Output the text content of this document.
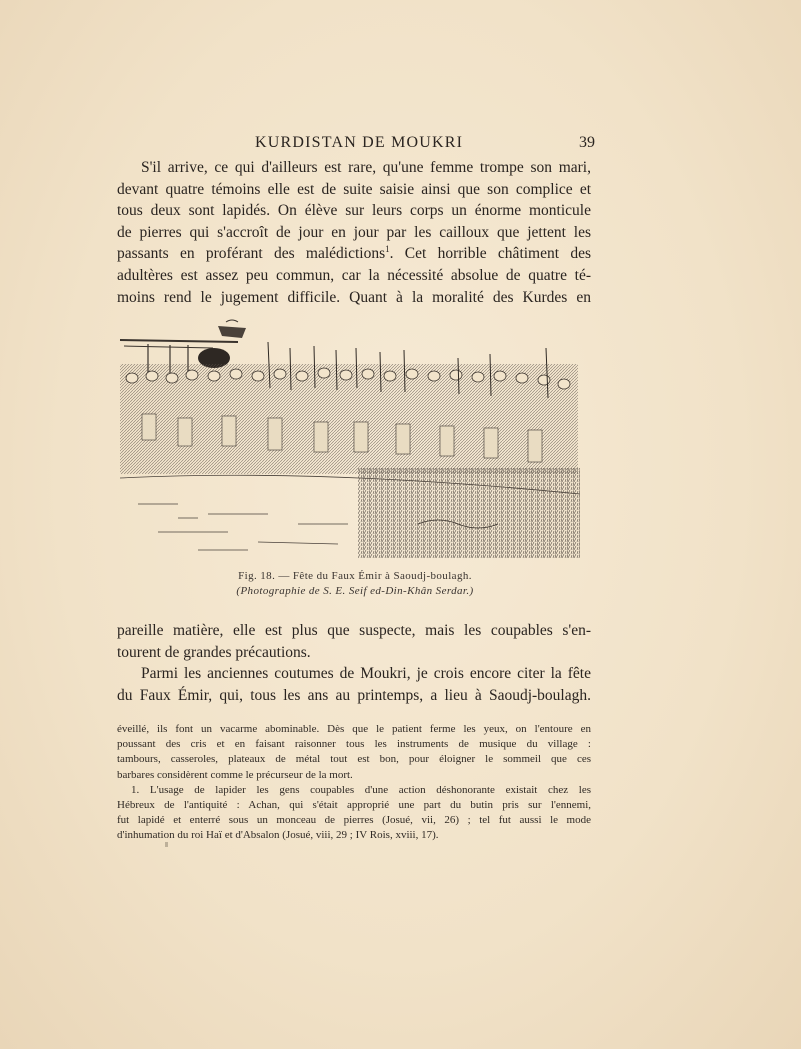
KURDISTAN DE MOUKRI	39
S'il arrive, ce qui d'ailleurs est rare, qu'une femme trompe son mari,
devant quatre témoins elle est de suite saisie ainsi que son complice et
tous deux sont lapidés. On élève sur leurs corps un énorme monticule
de pierres qui s'accroît de jour en jour par les cailloux que jettent les
passants en proférant des malédictions$^1$. Cet horrible châtiment des
adultères est assez peu commun, car la nécessité absolue de quatre té-
moins rend le jugement difficile. Quant à la moralité des Kurdes en
Fig. 18. — Fête du Faux Émir à Saoudj-boulagh.
(Photographie de S. E. Seif ed-Din-Khân Serdar.)
pareille matière, elle est plus que suspecte, mais les coupables s'en-
tourent de grandes précautions.
Parmi les anciennes coutumes de Moukri, je crois encore citer la fête
du Faux Émir, qui, tous les ans au printemps, a lieu à Saoudj-boulagh.
éveillé, ils font un vacarme abominable. Dès que le patient ferme les yeux, on l'entoure en
poussant des cris et en faisant raisonner tous les instruments de musique du village :
tambours, casseroles, plateaux de métal tout est bon, pour éloigner le sommeil que ces
barbares considèrent comme le précurseur de la mort.
1. L'usage de lapider les gens coupables d'une action déshonorante existait chez les
Hébreux de l'antiquité : Achan, qui s'était approprié une part du butin pris sur l'ennemi,
fut lapidé et enterré sous un monceau de pierres (Josué, vii, 26) ; tel fut aussi le mode
d'inhumation du roi Haï et d'Absalon (Josué, viii, 29 ; IV Rois, xviii, 17).
